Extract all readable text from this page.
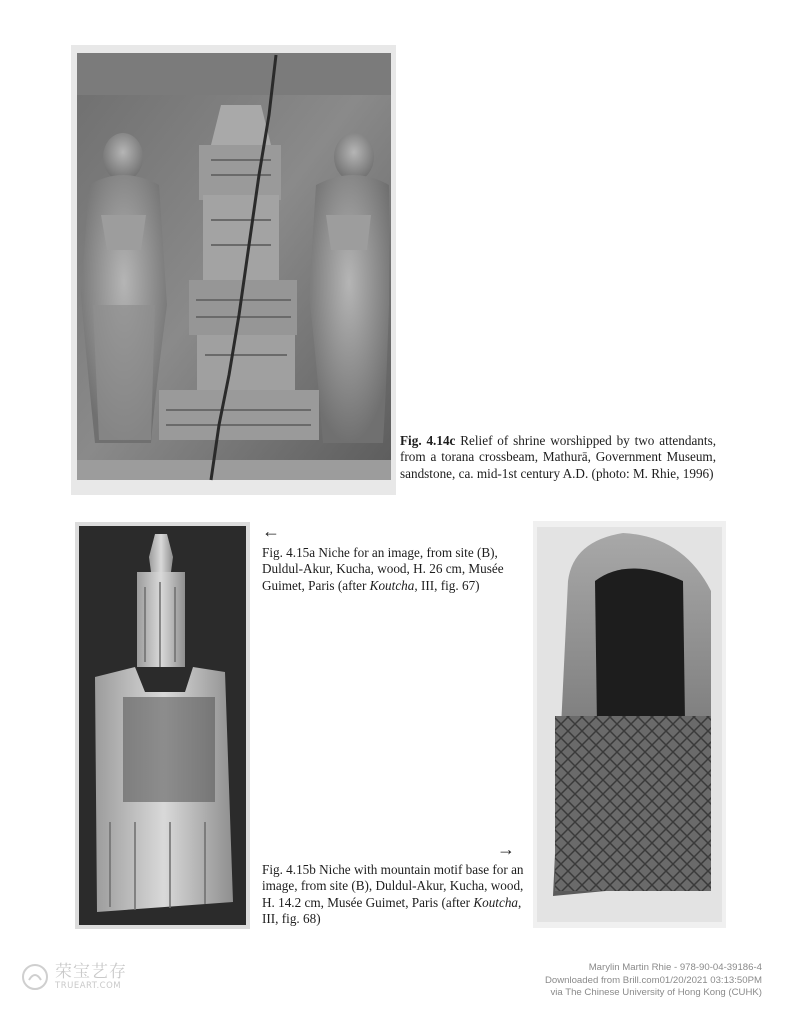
Fig. 4.14c Relief of shrine worshipped by two attendants, from a torana crossbeam, Mathurā, Government Museum, sandstone, ca. mid-1st century A.D. (photo: M. Rhie, 1996)
←
Fig. 4.15a Niche for an image, from site (B), Duldul-Akur, Kucha, wood, H. 26 cm, Musée Guimet, Paris (after Koutcha, III, fig. 67)
→
Fig. 4.15b Niche with mountain motif base for an image, from site (B), Duldul-Akur, Kucha, wood, H. 14.2 cm, Musée Guimet, Paris (after Koutcha, III, fig. 68)
荣宝艺存
TRUEART.COM
Marylin Martin Rhie - 978-90-04-39186-4
Downloaded from Brill.com01/20/2021 03:13:50PM
via The Chinese University of Hong Kong (CUHK)
